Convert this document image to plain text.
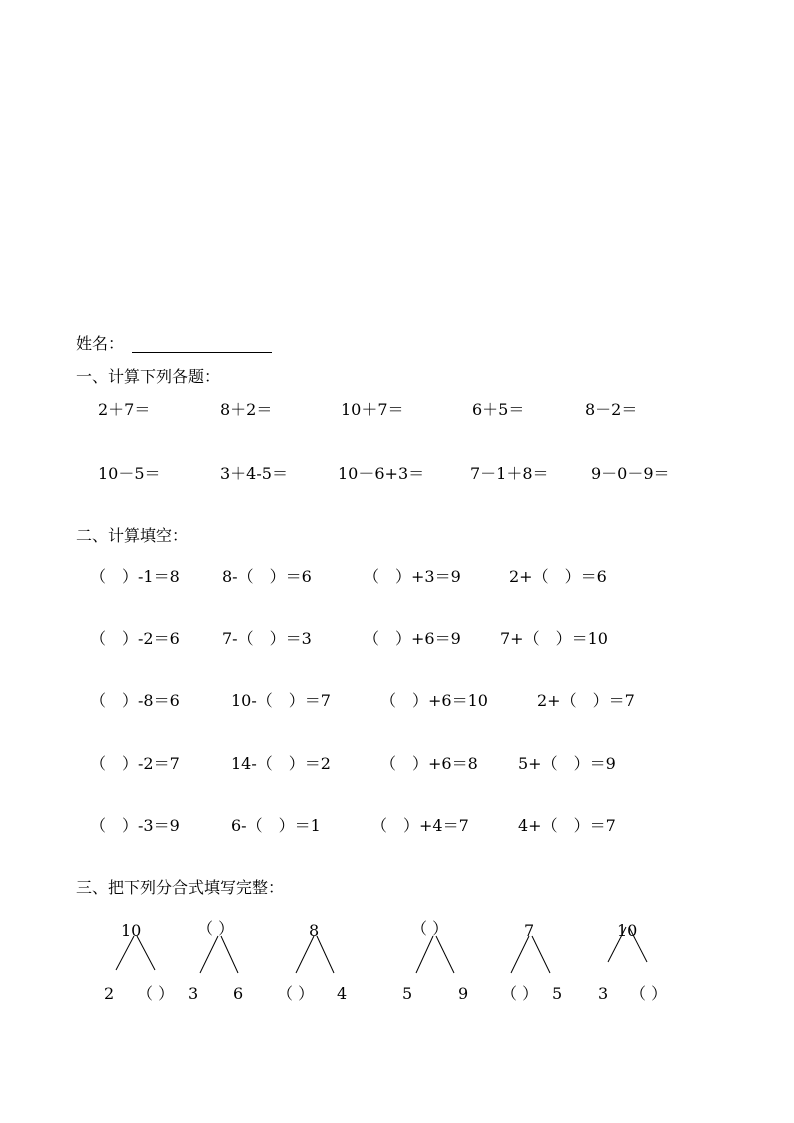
姓名：
一、计算下列各题：
2＋7＝	8＋2＝	10＋7＝	6＋5＝	8－2＝
10－5＝	3＋4-5＝	10－6+3＝	7－1＋8＝	9－0－9＝
二、计算填空：
（　）-1＝8	8-（　）＝6	（　）+3＝9	2+（　）＝6
（　）-2＝6	7-（　）＝3	（　）+6＝9 7+（　）＝10
（　）-8＝6	10-（　）＝7	（　）+6＝10	2+（　）＝7
（　）-2＝7	14-（　）＝2	（　）+6＝8	5+（　）＝9
（　）-3＝9	6-（　）＝1	（　）+4＝7	4+（　）＝7
三、把下列分合式填写完整：
10	（ ）	8	（ ）	7	10
2 （ ） 3 6 （ ） 4	5	9 （ ） 5 3 （ ）
